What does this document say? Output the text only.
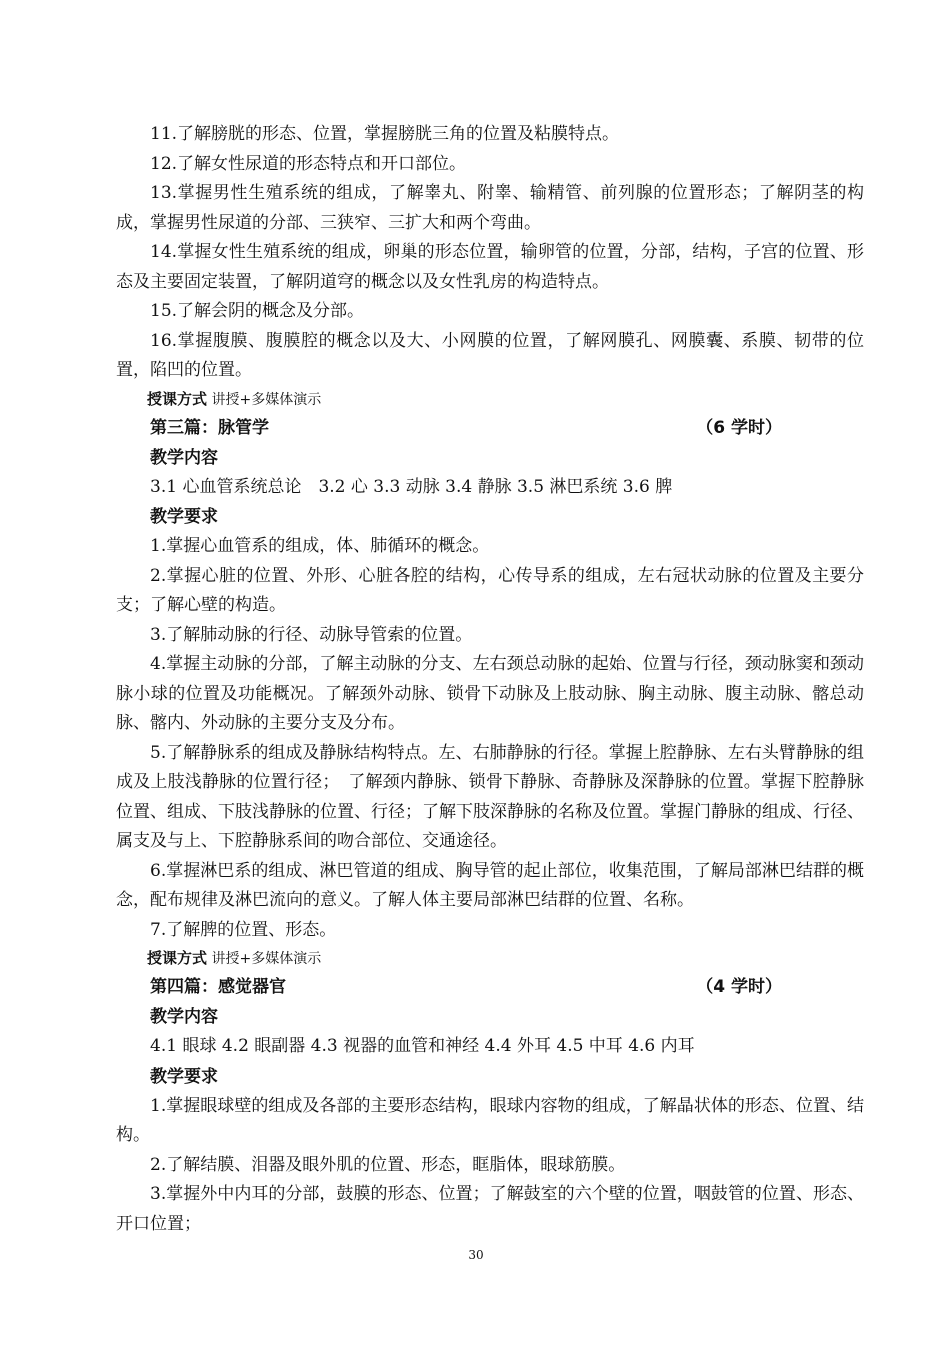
11.了解膀胱的形态、位置，掌握膀胱三角的位置及粘膜特点。

12.了解女性尿道的形态特点和开口部位。

13.掌握男性生殖系统的组成，了解睾丸、附睾、输精管、前列腺的位置形态；了解阴茎的构成，掌握男性尿道的分部、三狭窄、三扩大和两个弯曲。

14.掌握女性生殖系统的组成，卵巢的形态位置，输卵管的位置，分部，结构，子宫的位置、形态及主要固定装置，了解阴道穹的概念以及女性乳房的构造特点。

15.了解会阴的概念及分部。

16.掌握腹膜、腹膜腔的概念以及大、小网膜的位置，了解网膜孔、网膜囊、系膜、韧带的位置，陷凹的位置。

授课方式 讲授+多媒体演示
第三篇：脉管学	（6 学时）
教学内容

3.1 心血管系统总论　3.2 心 3.3 动脉 3.4 静脉 3.5 淋巴系统 3.6 脾

教学要求

1.掌握心血管系的组成，体、肺循环的概念。

2.掌握心脏的位置、外形、心脏各腔的结构，心传导系的组成，左右冠状动脉的位置及主要分支；了解心壁的构造。

3.了解肺动脉的行径、动脉导管索的位置。

4.掌握主动脉的分部，了解主动脉的分支、左右颈总动脉的起始、位置与行径，颈动脉窦和颈动脉小球的位置及功能概况。了解颈外动脉、锁骨下动脉及上肢动脉、胸主动脉、腹主动脉、髂总动脉、髂内、外动脉的主要分支及分布。

5.了解静脉系的组成及静脉结构特点。左、右肺静脉的行径。掌握上腔静脉、左右头臂静脉的组成及上肢浅静脉的位置行径；　了解颈内静脉、锁骨下静脉、奇静脉及深静脉的位置。掌握下腔静脉位置、组成、下肢浅静脉的位置、行径；了解下肢深静脉的名称及位置。掌握门静脉的组成、行径、属支及与上、下腔静脉系间的吻合部位、交通途径。

6.掌握淋巴系的组成、淋巴管道的组成、胸导管的起止部位，收集范围，了解局部淋巴结群的概念，配布规律及淋巴流向的意义。了解人体主要局部淋巴结群的位置、名称。

7.了解脾的位置、形态。

授课方式 讲授+多媒体演示
第四篇：感觉器官	（4 学时）
教学内容

4.1 眼球 4.2 眼副器 4.3 视器的血管和神经 4.4 外耳 4.5 中耳 4.6 内耳

教学要求

1.掌握眼球壁的组成及各部的主要形态结构，眼球内容物的组成，了解晶状体的形态、位置、结构。

2.了解结膜、泪器及眼外肌的位置、形态，眶脂体，眼球筋膜。

3.掌握外中内耳的分部，鼓膜的形态、位置；了解鼓室的六个壁的位置，咽鼓管的位置、形态、开口位置；

30
